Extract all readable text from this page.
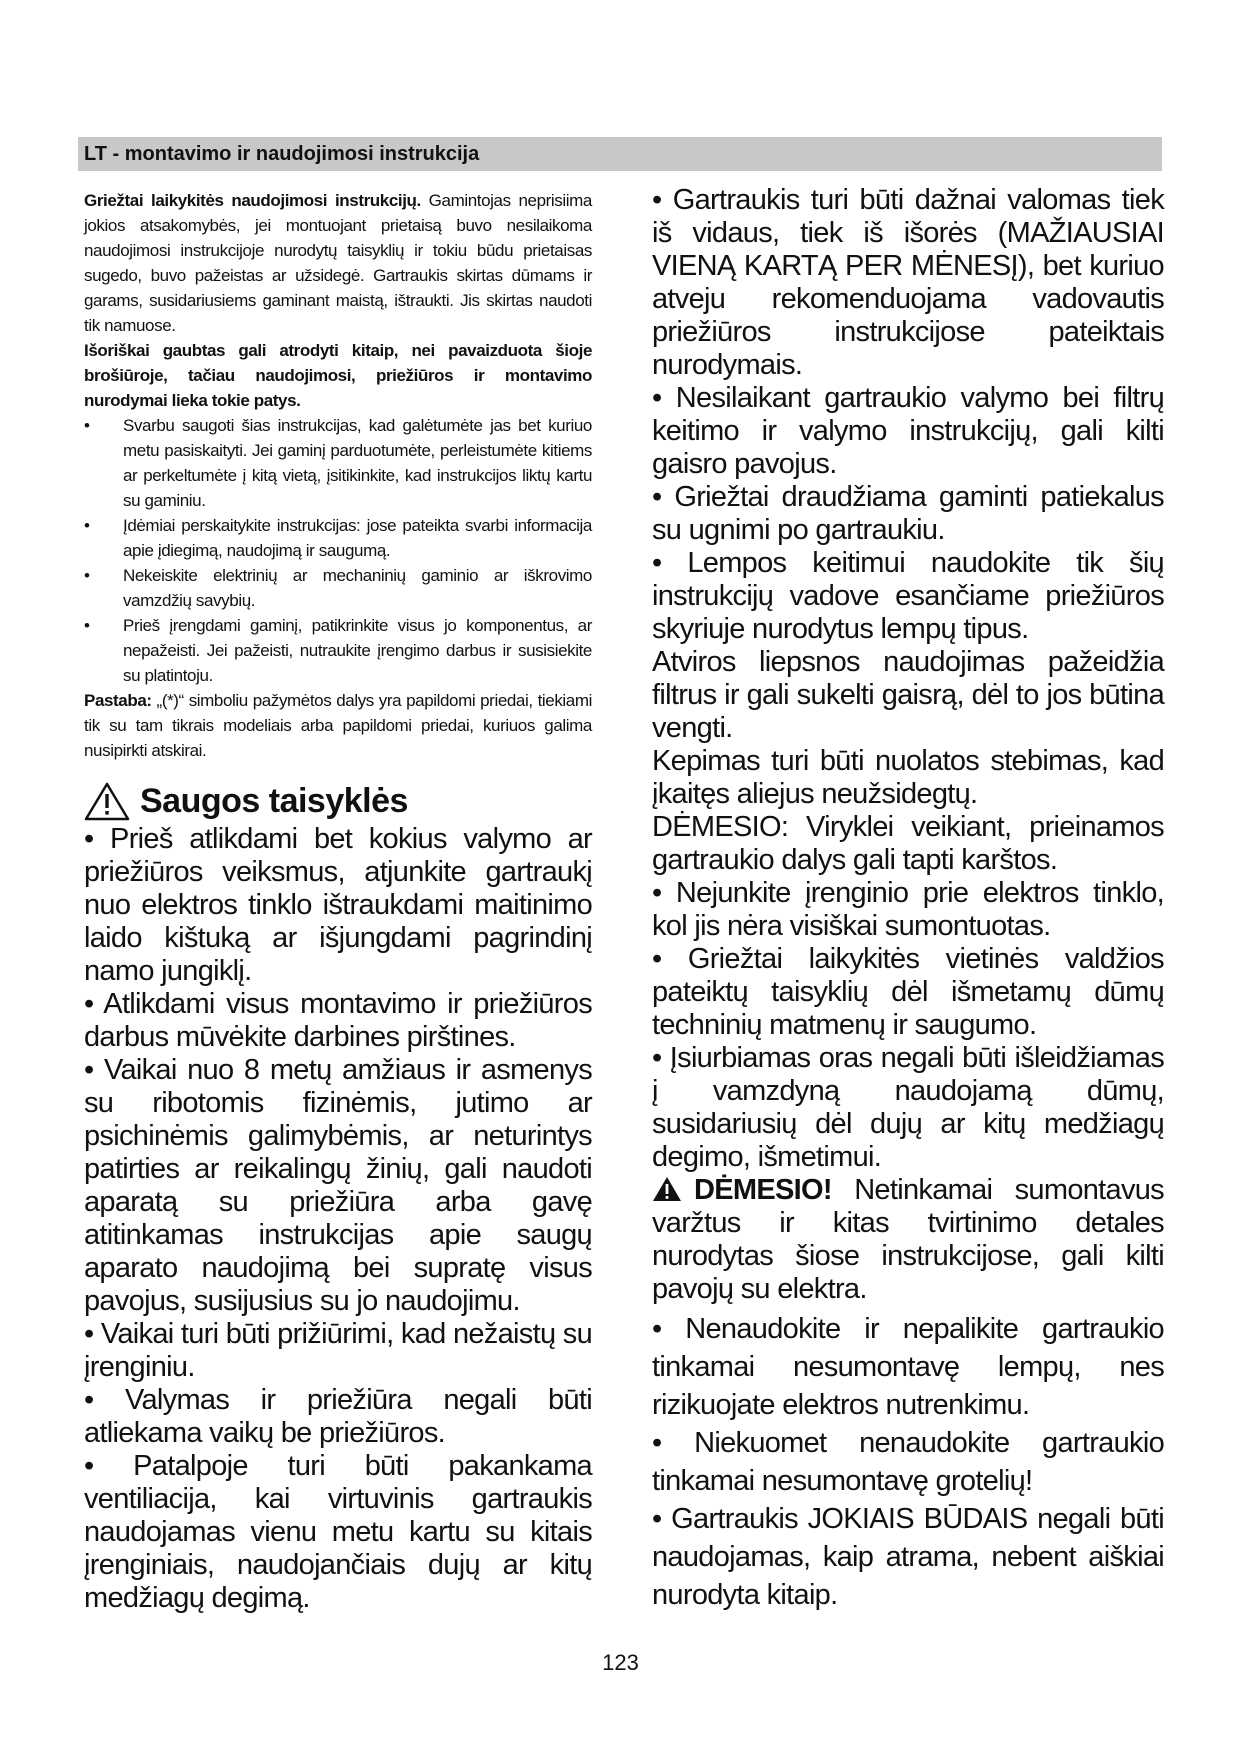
LT - montavimo ir naudojimosi instrukcija

Griežtai laikykitės naudojimosi instrukcijų. Gamintojas neprisiima jokios atsakomybės, jei montuojant prietaisą buvo nesilaikoma naudojimosi instrukcijoje nurodytų taisyklių ir tokiu būdu prietaisas sugedo, buvo pažeistas ar užsidegė. Gartraukis skirtas dūmams ir garams, susidariusiems gaminant maistą, ištraukti. Jis skirtas naudoti tik namuose.

Išoriškai gaubtas gali atrodyti kitaip, nei pavaizduota šioje brošiūroje, tačiau naudojimosi, priežiūros ir montavimo nurodymai lieka tokie patys.

• Svarbu saugoti šias instrukcijas, kad galėtumėte jas bet kuriuo metu pasiskaityti. Jei gaminį parduotumėte, perleistumėte kitiems ar perkeltumėte į kitą vietą, įsitikinkite, kad instrukcijos liktų kartu su gaminiu.
• Įdėmiai perskaitykite instrukcijas: jose pateikta svarbi informacija apie įdiegimą, naudojimą ir saugumą.
• Nekeiskite elektrinių ar mechaninių gaminio ar iškrovimo vamzdžių savybių.
• Prieš įrengdami gaminį, patikrinkite visus jo komponentus, ar nepažeisti. Jei pažeisti, nutraukite įrengimo darbus ir susisiekite su platintoju.

Pastaba: „(*)“ simboliu pažymėtos dalys yra papildomi priedai, tiekiami tik su tam tikrais modeliais arba papildomi priedai, kuriuos galima nusipirkti atskirai.

Saugos taisyklės

• Prieš atlikdami bet kokius valymo ar priežiūros veiksmus, atjunkite gartraukį nuo elektros tinklo ištraukdami maitinimo laido kištuką ar išjungdami pagrindinį namo jungiklį.

• Atlikdami visus montavimo ir priežiūros darbus mūvėkite darbines pirštines.

• Vaikai nuo 8 metų amžiaus ir asmenys su ribotomis fizinėmis, jutimo ar psichinėmis galimybėmis, ar neturintys patirties ar reikalingų žinių, gali naudoti aparatą su priežiūra arba gavę atitinkamas instrukcijas apie saugų aparato naudojimą bei supratę visus pavojus, susijusius su jo naudojimu.

• Vaikai turi būti prižiūrimi, kad nežaistų su įrenginiu.

• Valymas ir priežiūra negali būti atliekama vaikų be priežiūros.

• Patalpoje turi būti pakankama ventiliacija, kai virtuvinis gartraukis naudojamas vienu metu kartu su kitais įrenginiais, naudojančiais dujų ar kitų medžiagų degimą.

• Gartraukis turi būti dažnai valomas tiek iš vidaus, tiek iš išorės (MAŽIAUSIAI VIENĄ KARTĄ PER MĖNESĮ), bet kuriuo atveju rekomenduojama vadovautis priežiūros instrukcijose pateiktais nurodymais.

• Nesilaikant gartraukio valymo bei filtrų keitimo ir valymo instrukcijų, gali kilti gaisro pavojus.

• Griežtai draudžiama gaminti patiekalus su ugnimi po gartraukiu.

• Lempos keitimui naudokite tik šių instrukcijų vadove esančiame priežiūros skyriuje nurodytus lempų tipus.

Atviros liepsnos naudojimas pažeidžia filtrus ir gali sukelti gaisrą, dėl to jos būtina vengti.

Kepimas turi būti nuolatos stebimas, kad įkaitęs aliejus neužsidegtų.

DĖMESIO: Viryklei veikiant, prieinamos gartraukio dalys gali tapti karštos.

• Nejunkite įrenginio prie elektros tinklo, kol jis nėra visiškai sumontuotas.

• Griežtai laikykitės vietinės valdžios pateiktų taisyklių dėl išmetamų dūmų techninių matmenų ir saugumo.

• Įsiurbiamas oras negali būti išleidžiamas į vamzdyną naudojamą dūmų, susidariusių dėl dujų ar kitų medžiagų degimo, išmetimui.

DĖMESIO! Netinkamai sumontavus varžtus ir kitas tvirtinimo detales nurodytas šiose instrukcijose, gali kilti pavojų su elektra.

• Nenaudokite ir nepalikite gartraukio tinkamai nesumontavę lempų, nes rizikuojate elektros nutrenkimu.

• Niekuomet nenaudokite gartraukio tinkamai nesumontavę grotelių!

• Gartraukis JOKIAIS BŪDAIS negali būti naudojamas, kaip atrama, nebent aiškiai nurodyta kitaip.

123
